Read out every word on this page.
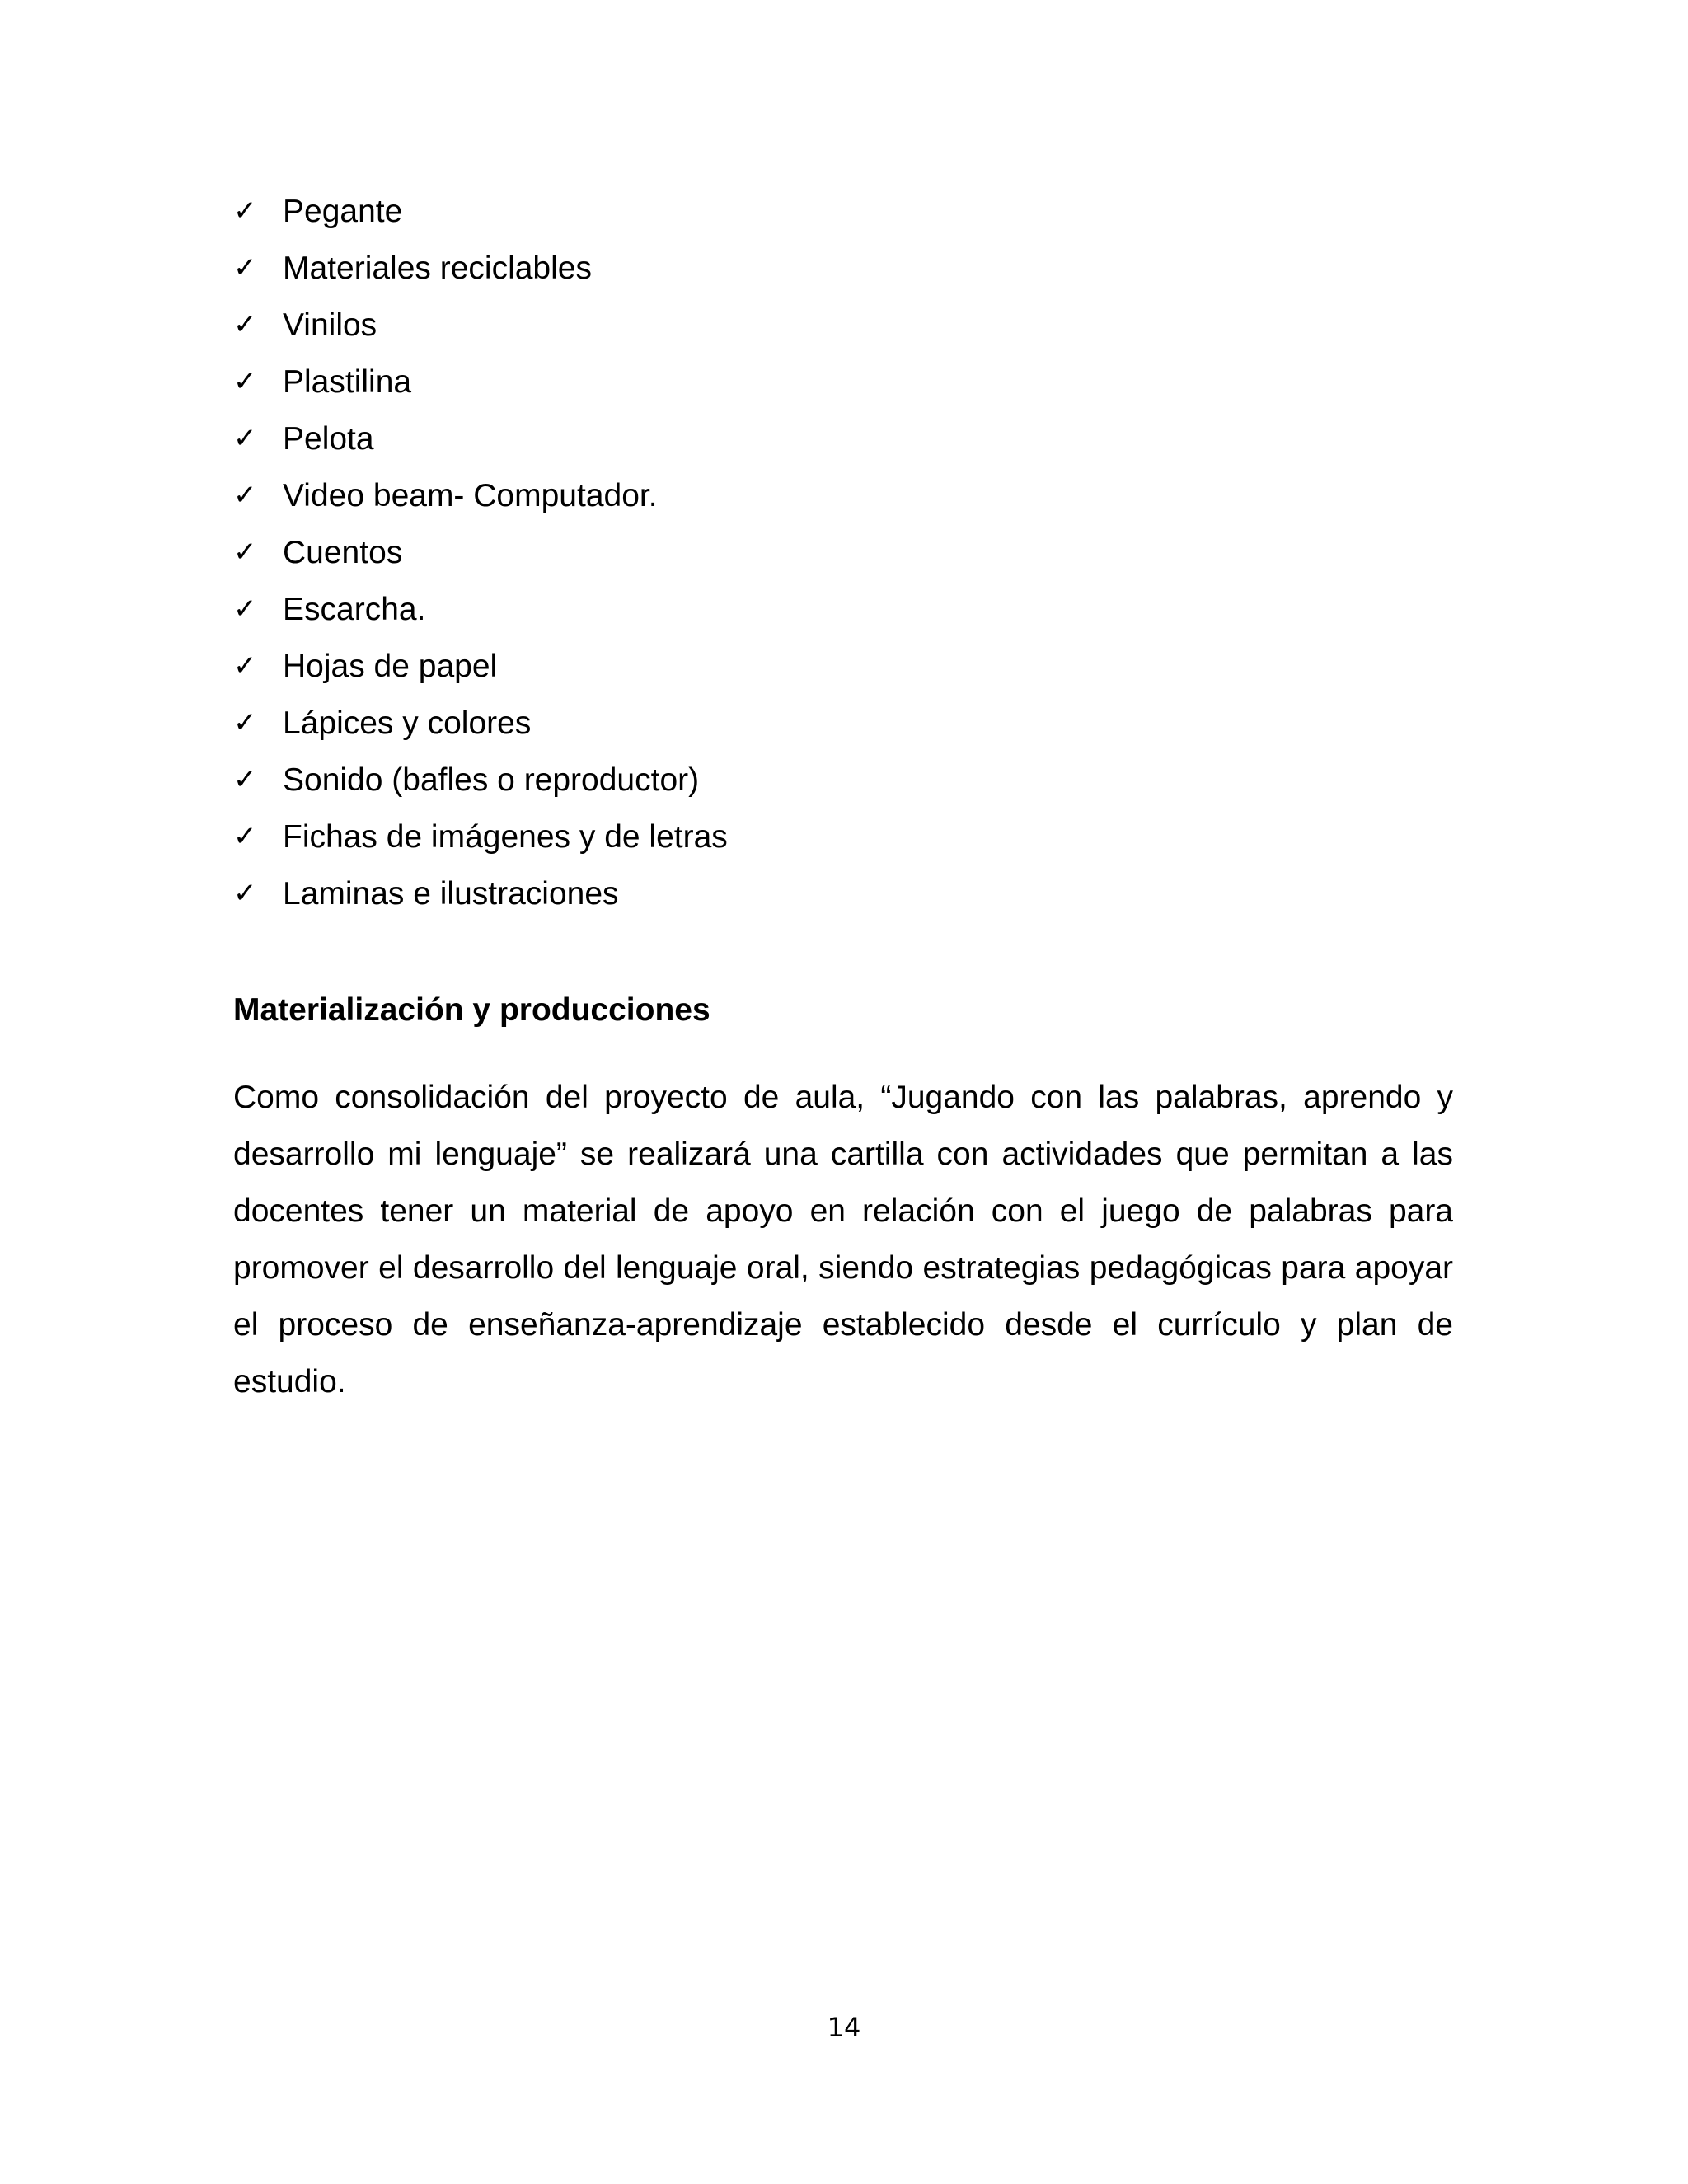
✓ Pegante
✓ Materiales reciclables
✓ Vinilos
✓ Plastilina
✓ Pelota
✓ Video beam- Computador.
✓ Cuentos
✓ Escarcha.
✓ Hojas de papel
✓ Lápices y colores
✓ Sonido (bafles o reproductor)
✓ Fichas de imágenes y de letras
✓ Laminas e ilustraciones
Materialización y producciones

Como consolidación del proyecto de aula, “Jugando con las palabras, aprendo y desarrollo mi lenguaje” se realizará una cartilla con actividades que permitan a las docentes tener un material de apoyo en relación con el juego de palabras para promover el desarrollo del lenguaje oral, siendo estrategias pedagógicas para apoyar el proceso de enseñanza-aprendizaje establecido desde el currículo y plan de estudio.

14
